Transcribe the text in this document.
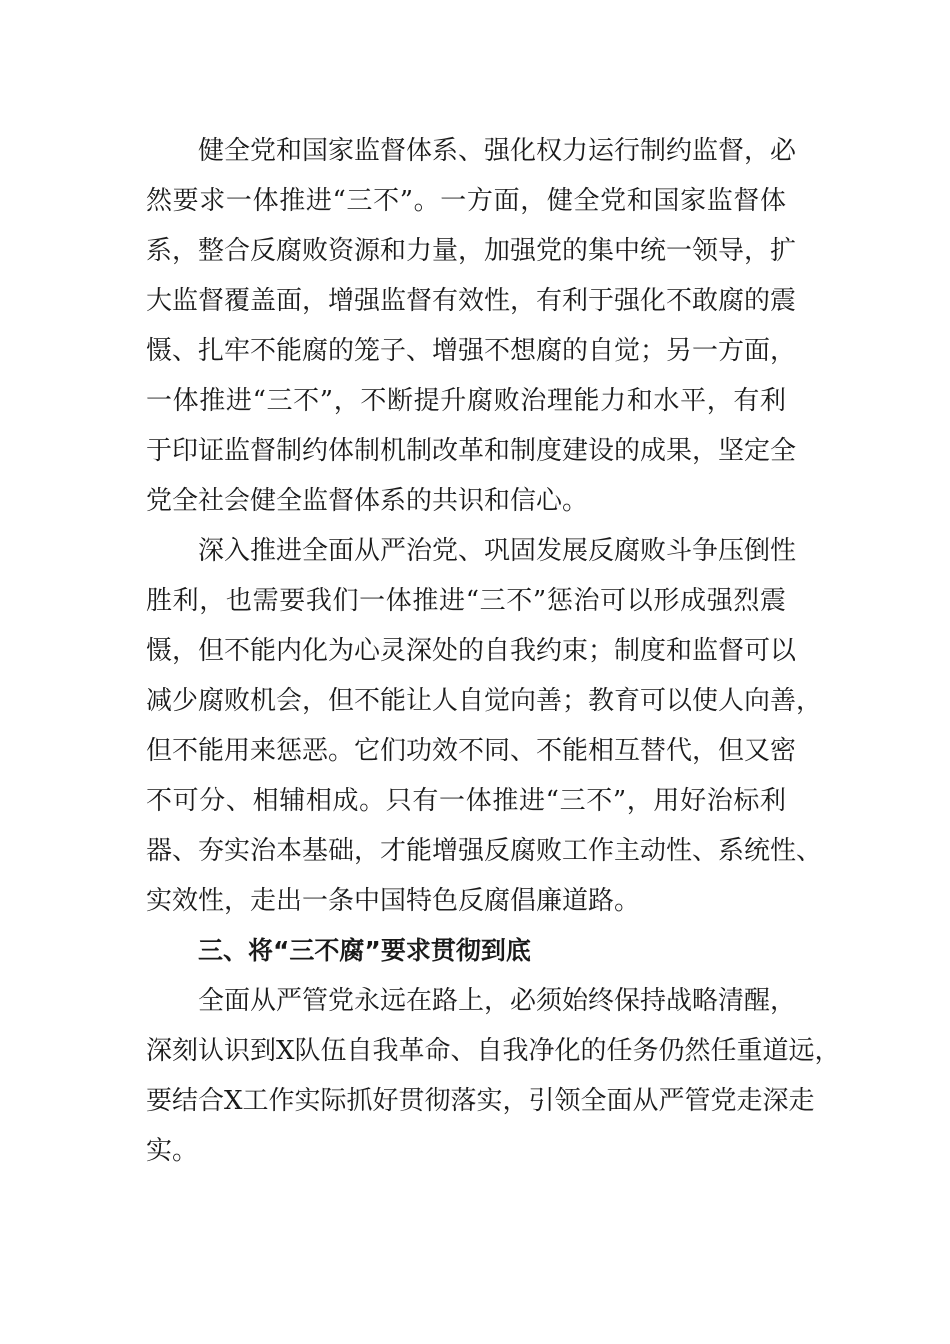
健全党和国家监督体系、强化权力运行制约监督，必
然要求一体推进“三不”。一方面，健全党和国家监督体
系，整合反腐败资源和力量，加强党的集中统一领导，扩
大监督覆盖面，增强监督有效性，有利于强化不敢腐的震
慑、扎牢不能腐的笼子、增强不想腐的自觉；另一方面，
一体推进“三不”，不断提升腐败治理能力和水平，有利
于印证监督制约体制机制改革和制度建设的成果，坚定全
党全社会健全监督体系的共识和信心。
深入推进全面从严治党、巩固发展反腐败斗争压倒性
胜利，也需要我们一体推进“三不”惩治可以形成强烈震
慑，但不能内化为心灵深处的自我约束；制度和监督可以
减少腐败机会，但不能让人自觉向善；教育可以使人向善，
但不能用来惩恶。它们功效不同、不能相互替代，但又密
不可分、相辅相成。只有一体推进“三不”，用好治标利
器、夯实治本基础，才能增强反腐败工作主动性、系统性、
实效性，走出一条中国特色反腐倡廉道路。
三、将“三不腐”要求贯彻到底
全面从严管党永远在路上，必须始终保持战略清醒，
深刻认识到X队伍自我革命、自我净化的任务仍然任重道远，
要结合X工作实际抓好贯彻落实，引领全面从严管党走深走
实。
